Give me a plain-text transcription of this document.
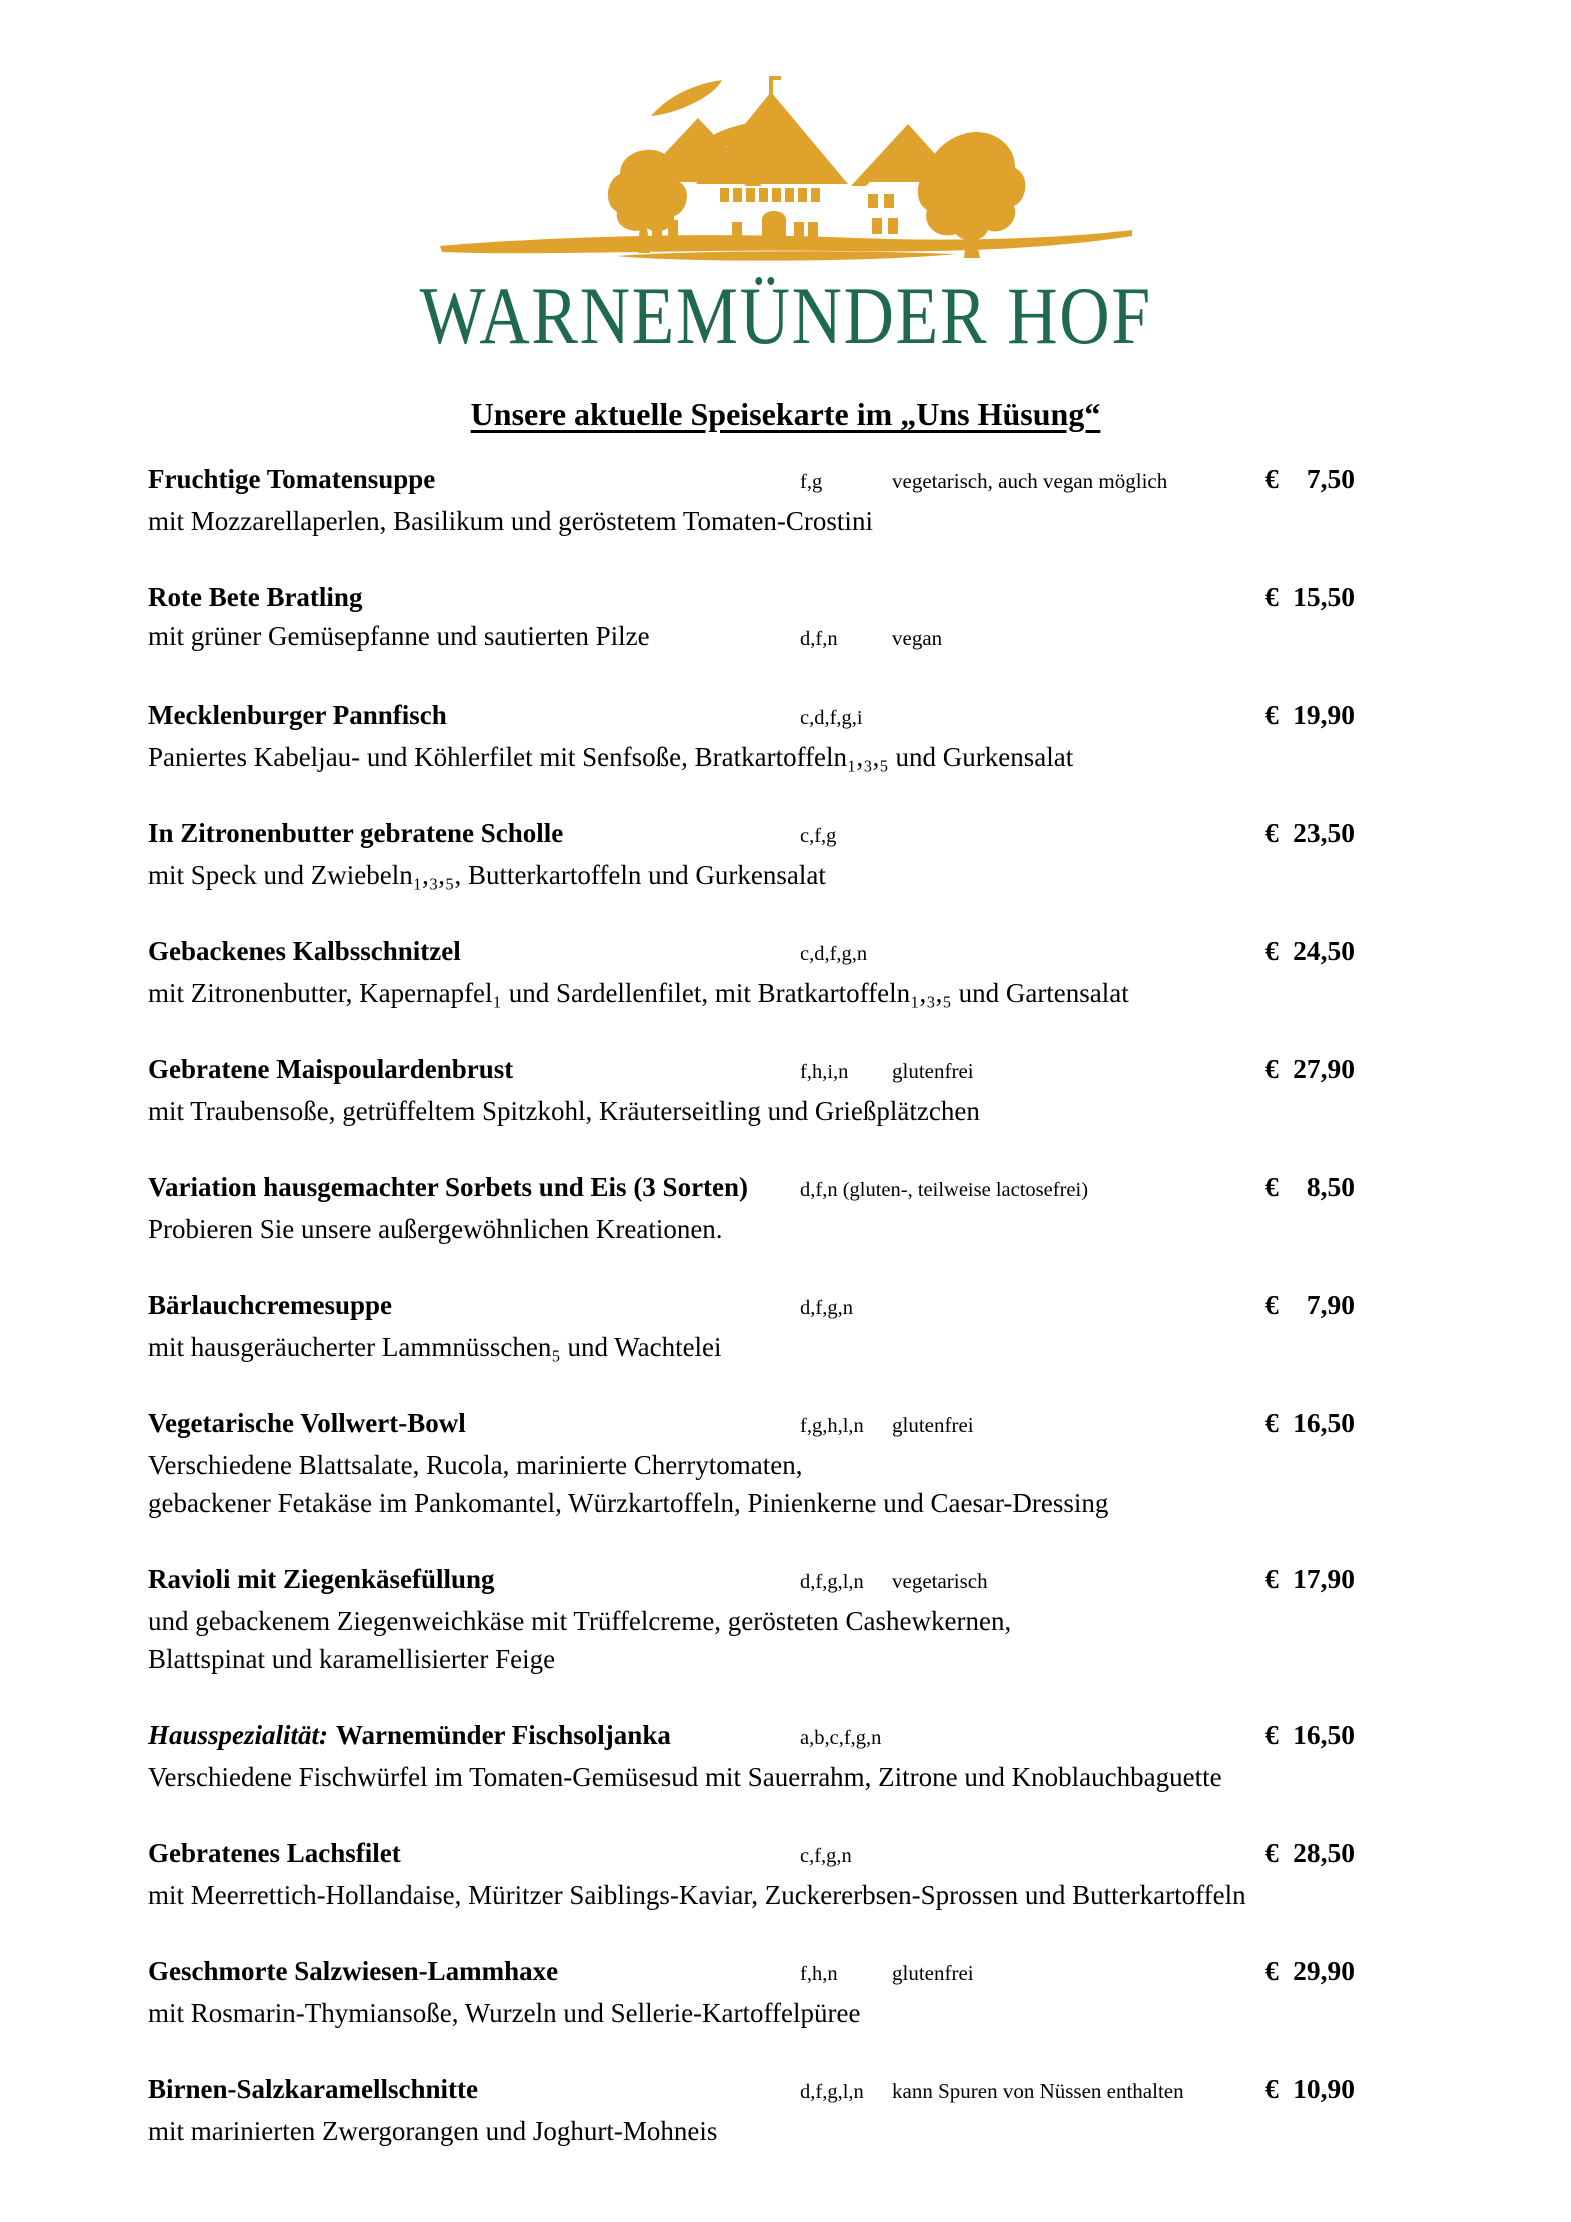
WARNEMÜNDER HOF
Unsere aktuelle Speisekarte im „Uns Hüsung“
Fruchtige Tomatensuppe	f,g	vegetarisch, auch vegan möglich	€ 7,50
mit Mozzarellaperlen, Basilikum und geröstetem Tomaten-Crostini
Rote Bete Bratling	€ 15,50
mit grüner Gemüsepfanne und sautierten Pilze	d,f,n	vegan
Mecklenburger Pannfisch	c,d,f,g,i	€ 19,90
Paniertes Kabeljau- und Köhlerfilet mit Senfsoße, Bratkartoffeln₁,₃,₅ und Gurkensalat
In Zitronenbutter gebratene Scholle	c,f,g	€ 23,50
mit Speck und Zwiebeln₁,₃,₅, Butterkartoffeln und Gurkensalat
Gebackenes Kalbsschnitzel	c,d,f,g,n	€ 24,50
mit Zitronenbutter, Kapernapfel₁ und Sardellenfilet, mit Bratkartoffeln₁,₃,₅ und Gartensalat
Gebratene Maispoulardenbrust	f,h,i,n	glutenfrei	€ 27,90
mit Traubensoße, getrüffeltem Spitzkohl, Kräuterseitling und Grießplätzchen
Variation hausgemachter Sorbets und Eis (3 Sorten)	d,f,n (gluten-, teilweise lactosefrei)	€ 8,50
Probieren Sie unsere außergewöhnlichen Kreationen.
Bärlauchcremesuppe	d,f,g,n	€ 7,90
mit hausgeräucherter Lammnüsschen₅ und Wachtelei
Vegetarische Vollwert-Bowl	f,g,h,l,n	glutenfrei	€ 16,50
Verschiedene Blattsalate, Rucola, marinierte Cherrytomaten,
gebackener Fetakäse im Pankomantel, Würzkartoffeln, Pinienkerne und Caesar-Dressing
Ravioli mit Ziegenkäsefüllung	d,f,g,l,n	vegetarisch	€ 17,90
und gebackenem Ziegenweichkäse mit Trüffelcreme, gerösteten Cashewkernen,
Blattspinat und karamellisierter Feige
Hausspezialität: Warnemünder Fischsoljanka	a,b,c,f,g,n	€ 16,50
Verschiedene Fischwürfel im Tomaten-Gemüsesud mit Sauerrahm, Zitrone und Knoblauchbaguette
Gebratenes Lachsfilet	c,f,g,n	€ 28,50
mit Meerrettich-Hollandaise, Müritzer Saiblings-Kaviar, Zuckererbsen-Sprossen und Butterkartoffeln
Geschmorte Salzwiesen-Lammhaxe	f,h,n	glutenfrei	€ 29,90
mit Rosmarin-Thymiansoße, Wurzeln und Sellerie-Kartoffelpüree
Birnen-Salzkaramellschnitte	d,f,g,l,n	kann Spuren von Nüssen enthalten	€ 10,90
mit marinierten Zwergorangen und Joghurt-Mohneis
